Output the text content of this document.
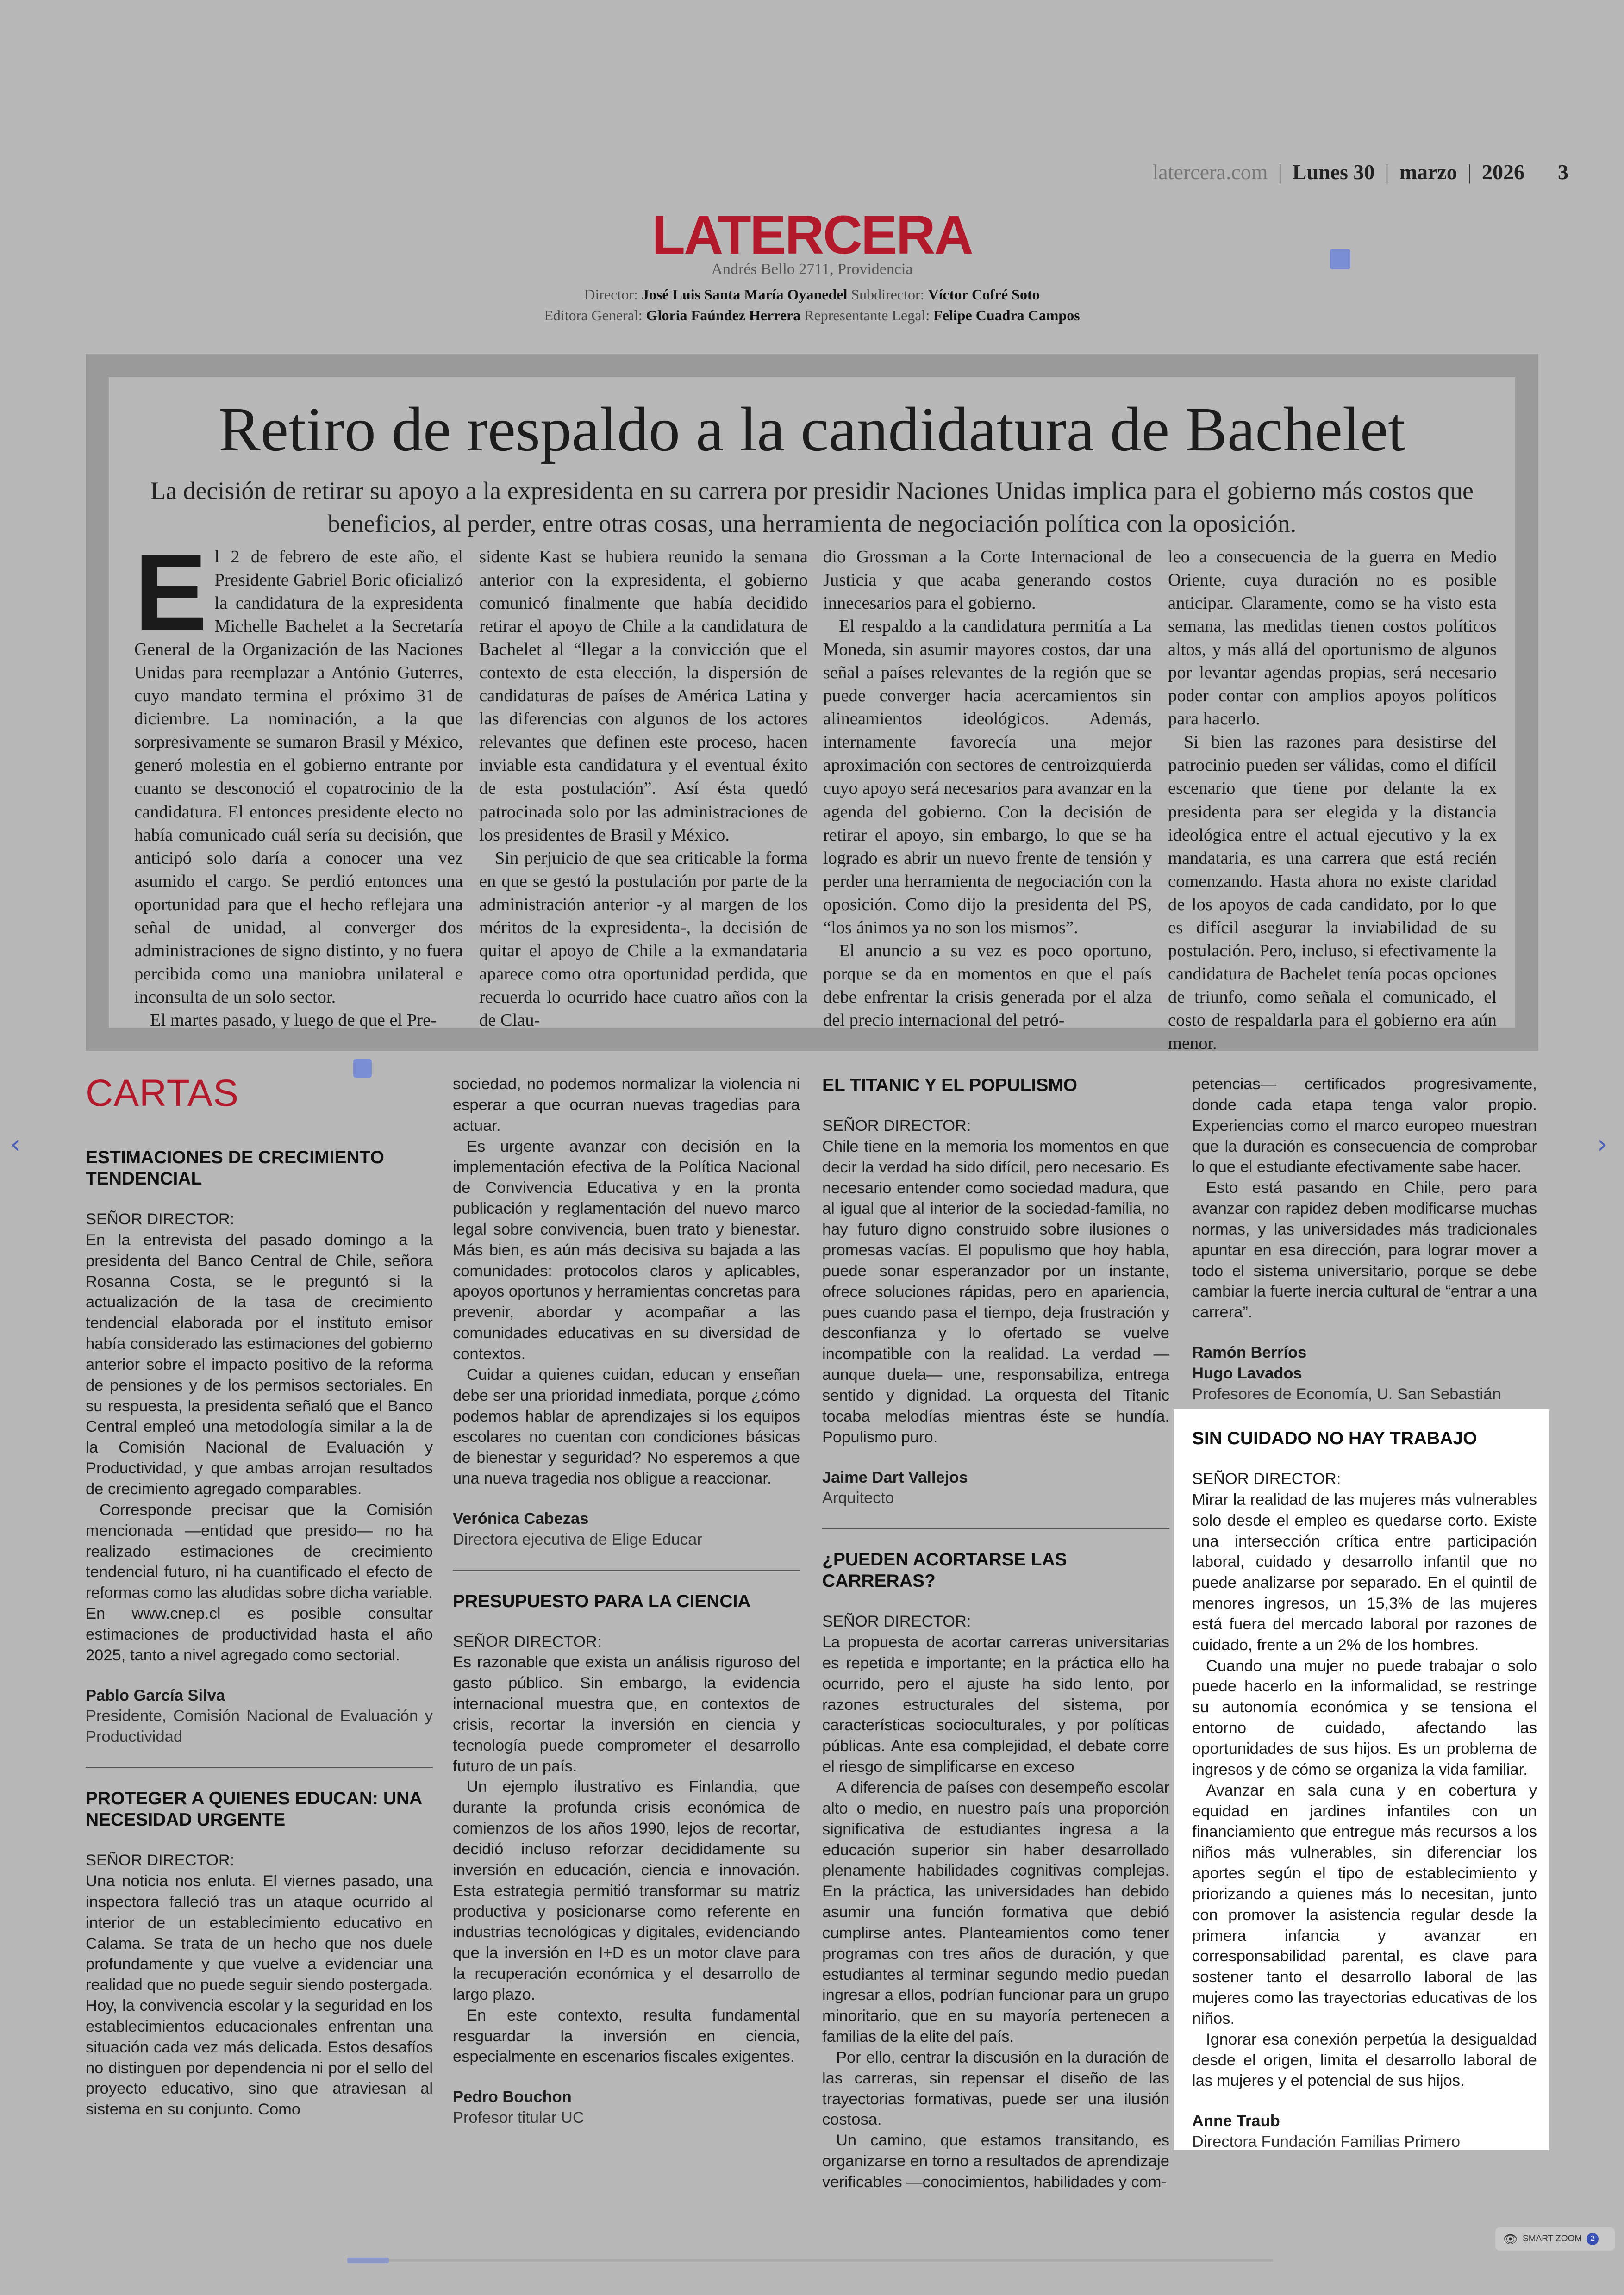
latercera.com | Lunes 30 | marzo | 2026 3
LATERCERA
Andrés Bello 2711, Providencia
Director: José Luis Santa María Oyanedel Subdirector: Víctor Cofré Soto
Editora General: Gloria Faúndez Herrera Representante Legal: Felipe Cuadra Campos
Retiro de respaldo a la candidatura de Bachelet
La decisión de retirar su apoyo a la expresidenta en su carrera por presidir Naciones Unidas implica para el gobierno más costos que beneficios, al perder, entre otras cosas, una herramienta de negociación política con la oposición.

El 2 de febrero de este año, el Presidente Gabriel Boric oficializó la candidatura de la expresidenta Michelle Bachelet a la Secretaría General de la Organización de las Naciones Unidas para reemplazar a António Guterres, cuyo mandato termina el próximo 31 de diciembre. La nominación, a la que sorpresivamente se sumaron Brasil y México, generó molestia en el gobierno entrante por cuanto se desconoció el copatrocinio de la candidatura. El entonces presidente electo no había comunicado cuál sería su decisión, que anticipó solo daría a conocer una vez asumido el cargo. Se perdió entonces una oportunidad para que el hecho reflejara una señal de unidad, al converger dos administraciones de signo distinto, y no fuera percibida como una maniobra unilateral e inconsulta de un solo sector.

El martes pasado, y luego de que el Pre-

sidente Kast se hubiera reunido la semana anterior con la expresidenta, el gobierno comunicó finalmente que había decidido retirar el apoyo de Chile a la candidatura de Bachelet al “llegar a la convicción que el contexto de esta elección, la dispersión de candidaturas de países de América Latina y las diferencias con algunos de los actores relevantes que definen este proceso, hacen inviable esta candidatura y el eventual éxito de esta postulación”. Así ésta quedó patrocinada solo por las administraciones de los presidentes de Brasil y México.

Sin perjuicio de que sea criticable la forma en que se gestó la postulación por parte de la administración anterior -y al margen de los méritos de la expresidenta-, la decisión de quitar el apoyo de Chile a la exmandataria aparece como otra oportunidad perdida, que recuerda lo ocurrido hace cuatro años con la de Clau-

dio Grossman a la Corte Internacional de Justicia y que acaba generando costos innecesarios para el gobierno.

El respaldo a la candidatura permitía a La Moneda, sin asumir mayores costos, dar una señal a países relevantes de la región que se puede converger hacia acercamientos sin alineamientos ideológicos. Además, internamente favorecía una mejor aproximación con sectores de centroizquierda cuyo apoyo será necesarios para avanzar en la agenda del gobierno. Con la decisión de retirar el apoyo, sin embargo, lo que se ha logrado es abrir un nuevo frente de tensión y perder una herramienta de negociación con la oposición. Como dijo la presidenta del PS, “los ánimos ya no son los mismos”.

El anuncio a su vez es poco oportuno, porque se da en momentos en que el país debe enfrentar la crisis generada por el alza del precio internacional del petró-

leo a consecuencia de la guerra en Medio Oriente, cuya duración no es posible anticipar. Claramente, como se ha visto esta semana, las medidas tienen costos políticos altos, y más allá del oportunismo de algunos por levantar agendas propias, será necesario poder contar con amplios apoyos políticos para hacerlo.

Si bien las razones para desistirse del patrocinio pueden ser válidas, como el difícil escenario que tiene por delante la ex presidenta para ser elegida y la distancia ideológica entre el actual ejecutivo y la ex mandataria, es una carrera que está recién comenzando. Hasta ahora no existe claridad de los apoyos de cada candidato, por lo que es difícil asegurar la inviabilidad de su postulación. Pero, incluso, si efectivamente la candidatura de Bachelet tenía pocas opciones de triunfo, como señala el comunicado, el costo de respaldarla para el gobierno era aún menor.

CARTAS
ESTIMACIONES DE CRECIMIENTO TENDENCIAL

SEÑOR DIRECTOR:

En la entrevista del pasado domingo a la presidenta del Banco Central de Chile, señora Rosanna Costa, se le preguntó si la actualización de la tasa de crecimiento tendencial elaborada por el instituto emisor había considerado las estimaciones del gobierno anterior sobre el impacto positivo de la reforma de pensiones y de los permisos sectoriales. En su respuesta, la presidenta señaló que el Banco Central empleó una metodología similar a la de la Comisión Nacional de Evaluación y Productividad, y que ambas arrojan resultados de crecimiento agregado comparables.

Corresponde precisar que la Comisión mencionada —entidad que presido— no ha realizado estimaciones de crecimiento tendencial futuro, ni ha cuantificado el efecto de reformas como las aludidas sobre dicha variable. En www.cnep.cl es posible consultar estimaciones de productividad hasta el año 2025, tanto a nivel agregado como sectorial.

Pablo García Silva

Presidente, Comisión Nacional de Evaluación y Productividad

PROTEGER A QUIENES EDUCAN: UNA NECESIDAD URGENTE

SEÑOR DIRECTOR:

Una noticia nos enluta. El viernes pasado, una inspectora falleció tras un ataque ocurrido al interior de un establecimiento educativo en Calama. Se trata de un hecho que nos duele profundamente y que vuelve a evidenciar una realidad que no puede seguir siendo postergada. Hoy, la convivencia escolar y la seguridad en los establecimientos educacionales enfrentan una situación cada vez más delicada. Estos desafíos no distinguen por dependencia ni por el sello del proyecto educativo, sino que atraviesan al sistema en su conjunto. Como

sociedad, no podemos normalizar la violencia ni esperar a que ocurran nuevas tragedias para actuar.

Es urgente avanzar con decisión en la implementación efectiva de la Política Nacional de Convivencia Educativa y en la pronta publicación y reglamentación del nuevo marco legal sobre convivencia, buen trato y bienestar. Más bien, es aún más decisiva su bajada a las comunidades: protocolos claros y aplicables, apoyos oportunos y herramientas concretas para prevenir, abordar y acompañar a las comunidades educativas en su diversidad de contextos.

Cuidar a quienes cuidan, educan y enseñan debe ser una prioridad inmediata, porque ¿cómo podemos hablar de aprendizajes si los equipos escolares no cuentan con condiciones básicas de bienestar y seguridad? No esperemos a que una nueva tragedia nos obligue a reaccionar.

Verónica Cabezas

Directora ejecutiva de Elige Educar

PRESUPUESTO PARA LA CIENCIA

SEÑOR DIRECTOR:

Es razonable que exista un análisis riguroso del gasto público. Sin embargo, la evidencia internacional muestra que, en contextos de crisis, recortar la inversión en ciencia y tecnología puede comprometer el desarrollo futuro de un país.

Un ejemplo ilustrativo es Finlandia, que durante la profunda crisis económica de comienzos de los años 1990, lejos de recortar, decidió incluso reforzar decididamente su inversión en educación, ciencia e innovación. Esta estrategia permitió transformar su matriz productiva y posicionarse como referente en industrias tecnológicas y digitales, evidenciando que la inversión en I+D es un motor clave para la recuperación económica y el desarrollo de largo plazo.

En este contexto, resulta fundamental resguardar la inversión en ciencia, especialmente en escenarios fiscales exigentes.

Pedro Bouchon

Profesor titular UC

EL TITANIC Y EL POPULISMO

SEÑOR DIRECTOR:

Chile tiene en la memoria los momentos en que decir la verdad ha sido difícil, pero necesario. Es necesario entender como sociedad madura, que al igual que al interior de la sociedad-familia, no hay futuro digno construido sobre ilusiones o promesas vacías. El populismo que hoy habla, puede sonar esperanzador por un instante, ofrece soluciones rápidas, pero en apariencia, pues cuando pasa el tiempo, deja frustración y desconfianza y lo ofertado se vuelve incompatible con la realidad. La verdad —aunque duela— une, responsabiliza, entrega sentido y dignidad. La orquesta del Titanic tocaba melodías mientras éste se hundía. Populismo puro.

Jaime Dart Vallejos

Arquitecto

¿PUEDEN ACORTARSE LAS CARRERAS?

SEÑOR DIRECTOR:

La propuesta de acortar carreras universitarias es repetida e importante; en la práctica ello ha ocurrido, pero el ajuste ha sido lento, por razones estructurales del sistema, por características socioculturales, y por políticas públicas. Ante esa complejidad, el debate corre el riesgo de simplificarse en exceso

A diferencia de países con desempeño escolar alto o medio, en nuestro país una proporción significativa de estudiantes ingresa a la educación superior sin haber desarrollado plenamente habilidades cognitivas complejas. En la práctica, las universidades han debido asumir una función formativa que debió cumplirse antes. Planteamientos como tener programas con tres años de duración, y que estudiantes al terminar segundo medio puedan ingresar a ellos, podrían funcionar para un grupo minoritario, que en su mayoría pertenecen a familias de la elite del país.

Por ello, centrar la discusión en la duración de las carreras, sin repensar el diseño de las trayectorias formativas, puede ser una ilusión costosa.

Un camino, que estamos transitando, es organizarse en torno a resultados de aprendizaje verificables —conocimientos, habilidades y com-

petencias— certificados progresivamente, donde cada etapa tenga valor propio. Experiencias como el marco europeo muestran que la duración es consecuencia de comprobar lo que el estudiante efectivamente sabe hacer.

Esto está pasando en Chile, pero para avanzar con rapidez deben modificarse muchas normas, y las universidades más tradicionales apuntar en esa dirección, para lograr mover a todo el sistema universitario, porque se debe cambiar la fuerte inercia cultural de “entrar a una carrera”.

Ramón Berríos
Hugo Lavados

Profesores de Economía, U. San Sebastián

SIN CUIDADO NO HAY TRABAJO

SEÑOR DIRECTOR:

Mirar la realidad de las mujeres más vulnerables solo desde el empleo es quedarse corto. Existe una intersección crítica entre participación laboral, cuidado y desarrollo infantil que no puede analizarse por separado. En el quintil de menores ingresos, un 15,3% de las mujeres está fuera del mercado laboral por razones de cuidado, frente a un 2% de los hombres.

Cuando una mujer no puede trabajar o solo puede hacerlo en la informalidad, se restringe su autonomía económica y se tensiona el entorno de cuidado, afectando las oportunidades de sus hijos. Es un problema de ingresos y de cómo se organiza la vida familiar.

Avanzar en sala cuna y en cobertura y equidad en jardines infantiles con un financiamiento que entregue más recursos a los niños más vulnerables, sin diferenciar los aportes según el tipo de establecimiento y priorizando a quienes más lo necesitan, junto con promover la asistencia regular desde la primera infancia y avanzar en corresponsabilidad parental, es clave para sostener tanto el desarrollo laboral de las mujeres como las trayectorias educativas de los niños.

Ignorar esa conexión perpetúa la desigualdad desde el origen, limita el desarrollo laboral de las mujeres y el potencial de sus hijos.

Anne Traub

Directora Fundación Familias Primero

‹	›
👁 SMART ZOOM	2
